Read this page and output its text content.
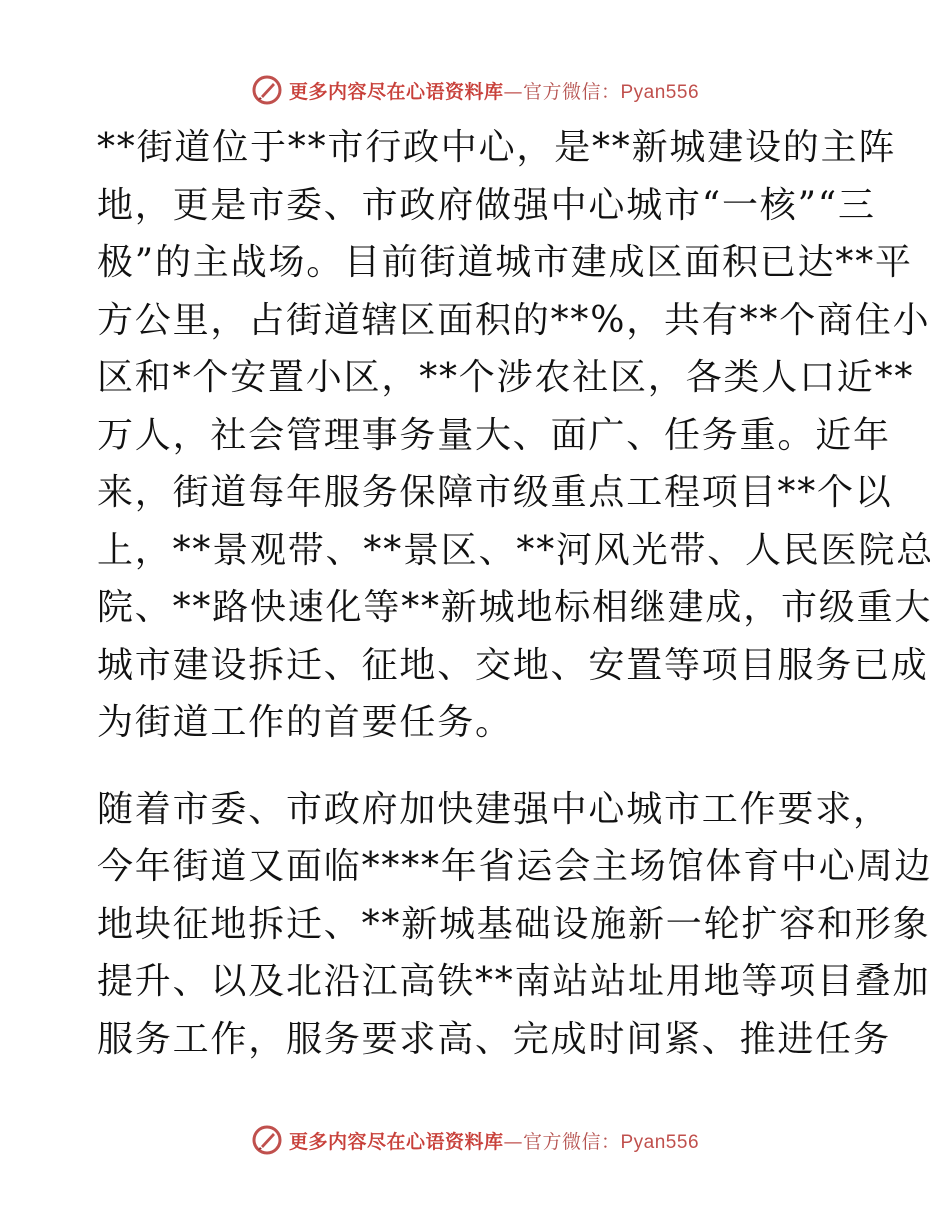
更多内容尽在心语资料库—官方微信：Pyan556

**街道位于**市行政中心，是**新城建设的主阵
地，更是市委、市政府做强中心城市“一核”“三
极”的主战场。目前街道城市建成区面积已达**平
方公里，占街道辖区面积的**%，共有**个商住小
区和*个安置小区，**个涉农社区，各类人口近**
万人，社会管理事务量大、面广、任务重。近年
来，街道每年服务保障市级重点工程项目**个以
上，**景观带、**景区、**河风光带、人民医院总
院、**路快速化等**新城地标相继建成，市级重大
城市建设拆迁、征地、交地、安置等项目服务已成
为街道工作的首要任务。

随着市委、市政府加快建强中心城市工作要求，
今年街道又面临****年省运会主场馆体育中心周边
地块征地拆迁、**新城基础设施新一轮扩容和形象
提升、以及北沿江高铁**南站站址用地等项目叠加
服务工作，服务要求高、完成时间紧、推进任务

更多内容尽在心语资料库—官方微信：Pyan556
